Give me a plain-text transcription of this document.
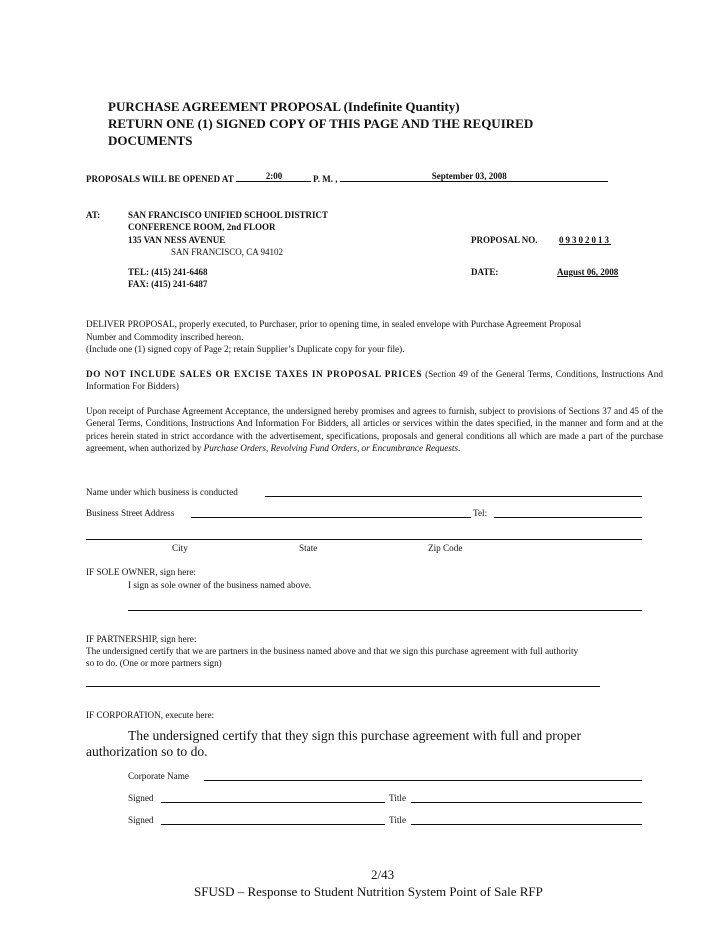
PURCHASE AGREEMENT PROPOSAL (Indefinite Quantity)
RETURN ONE (1) SIGNED COPY OF THIS PAGE AND THE REQUIRED
DOCUMENTS
PROPOSALS WILL BE OPENED AT	2:00	P. M. ,	September 03, 2008
AT:	SAN FRANCISCO UNIFIED SCHOOL DISTRICT
CONFERENCE ROOM, 2nd FLOOR
135 VAN NESS AVENUE
SAN FRANCISCO, CA 94102
TEL: (415) 241-6468
FAX: (415) 241-6487
PROPOSAL NO. 09302013
DATE:	August 06, 2008
DELIVER PROPOSAL, properly executed, to Purchaser, prior to opening time, in sealed envelope with Purchase Agreement Proposal
Number and Commodity inscribed hereon.
(Include one (1) signed copy of Page 2; retain Supplier’s Duplicate copy for your file).
DO NOT INCLUDE SALES OR EXCISE TAXES IN PROPOSAL PRICES (Section 49 of the General Terms, Conditions, Instructions And Information For Bidders)
Upon receipt of Purchase Agreement Acceptance, the undersigned hereby promises and agrees to furnish, subject to provisions of Sections 37 and 45 of the General Terms, Conditions, Instructions And Information For Bidders, all articles or services within the dates specified, in the manner and form and at the prices herein stated in strict accordance with the advertisement, specifications, proposals and general conditions all which are made a part of the purchase agreement, when authorized by Purchase Orders, Revolving Fund Orders, or Encumbrance Requests.
Name under which business is conducted
Business Street Address	Tel:
City	State	Zip Code
IF SOLE OWNER, sign here:
I sign as sole owner of the business named above.
IF PARTNERSHIP, sign here:
The undersigned certify that we are partners in the business named above and that we sign this purchase agreement with full authority
so to do. (One or more partners sign)
IF CORPORATION, execute here:
The undersigned certify that they sign this purchase agreement with full and proper
authorization so to do.
Corporate Name
Signed	Title
Signed	Title
2/43
SFUSD – Response to Student Nutrition System Point of Sale RFP
